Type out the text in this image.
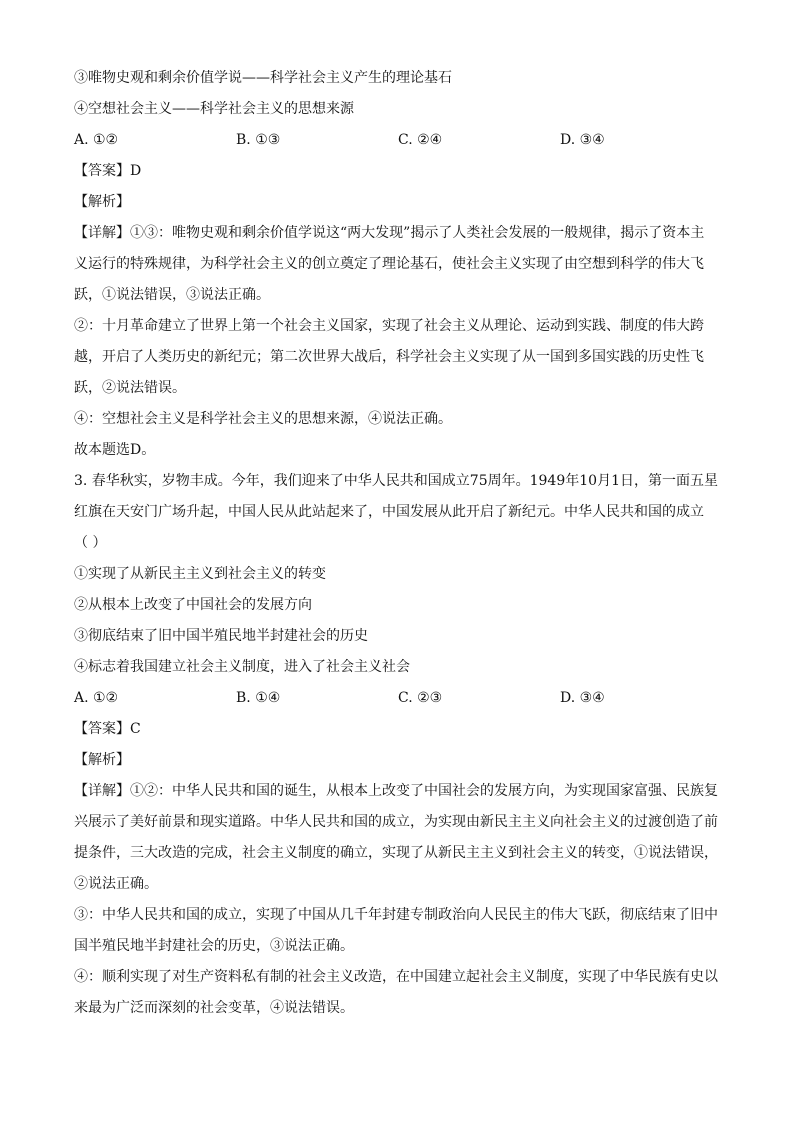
③唯物史观和剩余价值学说——科学社会主义产生的理论基石
④空想社会主义——科学社会主义的思想来源
A. ①②	B. ①③	C. ②④	D. ③④
【答案】D
【解析】
【详解】①③：唯物史观和剩余价值学说这“两大发现”揭示了人类社会发展的一般规律，揭示了资本主
义运行的特殊规律，为科学社会主义的创立奠定了理论基石，使社会主义实现了由空想到科学的伟大飞
跃，①说法错误，③说法正确。
②：十月革命建立了世界上第一个社会主义国家，实现了社会主义从理论、运动到实践、制度的伟大跨
越，开启了人类历史的新纪元；第二次世界大战后，科学社会主义实现了从一国到多国实践的历史性飞
跃，②说法错误。
④：空想社会主义是科学社会主义的思想来源，④说法正确。
故本题选D。
3. 春华秋实，岁物丰成。今年，我们迎来了中华人民共和国成立75周年。1949年10月1日，第一面五星
红旗在天安门广场升起，中国人民从此站起来了，中国发展从此开启了新纪元。中华人民共和国的成立
（ ）
①实现了从新民主主义到社会主义的转变
②从根本上改变了中国社会的发展方向
③彻底结束了旧中国半殖民地半封建社会的历史
④标志着我国建立社会主义制度，进入了社会主义社会
A. ①②	B. ①④	C. ②③	D. ③④
【答案】C
【解析】
【详解】①②：中华人民共和国的诞生，从根本上改变了中国社会的发展方向，为实现国家富强、民族复
兴展示了美好前景和现实道路。中华人民共和国的成立，为实现由新民主主义向社会主义的过渡创造了前
提条件，三大改造的完成，社会主义制度的确立，实现了从新民主主义到社会主义的转变，①说法错误，
②说法正确。
③：中华人民共和国的成立，实现了中国从几千年封建专制政治向人民民主的伟大飞跃，彻底结束了旧中
国半殖民地半封建社会的历史，③说法正确。
④：顺利实现了对生产资料私有制的社会主义改造，在中国建立起社会主义制度，实现了中华民族有史以
来最为广泛而深刻的社会变革，④说法错误。
